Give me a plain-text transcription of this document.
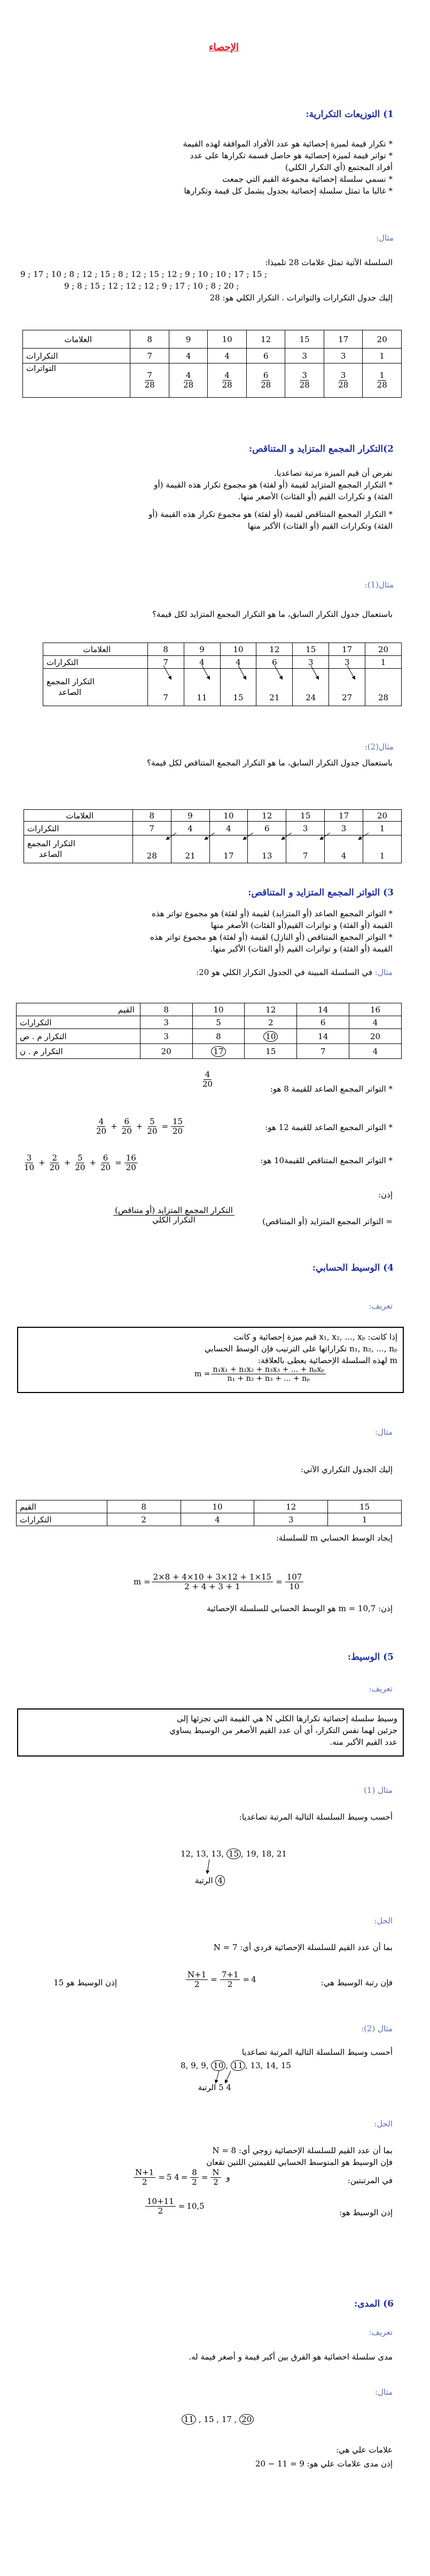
الإحصاء
1) التوزيعات التكرارية:
* تكرار قيمة لميزة إحصائية هو عدد الأفراد الموافقة لهذه القيمة
* تواتر قيمة لميزة إحصائية هو حاصل قسمة تكرارها على عدد
أفراد المجتمع (أي التكرار الكلي)
* نسمي سلسلة إحصائية مجموعة القيم التي جمعت
* غالبا ما تمثل سلسلة إحصائية بجدول يشمل كل قيمة وتكرارها
مثال:
السلسلة الآتية تمثل علامات 28 تلميذا:
9 ; 17 ; 10 ; 8 ; 12 ; 15 ; 8 ; 12 ; 15 ; 12 ; 9 ; 10 ; 10 ; 17 ; 15 ;
9 ; 8 ; 15 ; 12 ; 12 ; 12 ; 9 ; 17 ; 10 ; 8 ; 20 ;
إليك جدول التكرارات والتواترات . التكرار الكلي هو: 28
العلامات	8	9	10	12	15	17	20
التكرارات	7	4	4	6	3	3	1
التواترات	$\frac{7}{28}$	$\frac{4}{28}$	$\frac{4}{28}$	$\frac{6}{28}$	$\frac{3}{28}$	$\frac{3}{28}$	$\frac{1}{28}$
2)التكرار المجمع المتزايد و المتناقص:
نفرض أن قيم الميزة مرتبة تصاعديا.
* التكرار المجمع المتزايد لقيمة (أو لفئة) هو مجموع تكرار هذه القيمة (أو
الفئة) و تكرارات القيم (أو الفئات) الأصغر منها.
* التكرار المجمع المتناقص لقيمة (أو لفئة) هو مجموع تكرار هذه القيمة (أو
الفئة) وتكرارات القيم (أو الفئات) الأكبر منها
مثال(1):
باستعمال جدول التكرار السابق، ما هو التكرار المجمع المتزايد لكل قيمة؟
العلامات	8	9	10	12	15	17	20
التكرارات	7	4	4	6	3	3	1
التكرار المجمع
الصاعد	7	11	15	21	24	27	28
مثال(2):
باستعمال جدول التكرار السابق، ما هو التكرار المجمع المتناقص لكل قيمة؟
العلامات	8	9	10	12	15	17	20
التكرارات	7	4	4	6	3	3	1
التكرار المجمع
الصاعد	28	21	17	13	7	4	1
3) التواتر المجمع المتزايد و المتناقص:
* التواتر المجمع الصاعد (أو المتزايد) لقيمة (أو لفئة) هو مجموع تواتر هذه
القيمة (أو الفئة) و تواترات القيم(أو الفئات) الأصغر منها
* التواتر المجمع المتناقص (أو النازل) لقيمة (أو لفئة) هو مجموع تواتر هذه
القيمة (أو الفئة) و تواترات القيم (أو الفئات) الأكبر منها.
مثال: في السلسلة المبينة في الجدول التكرار الكلي هو 20:
القيم	8	10	12	14	16
التكرارات	3	5	2	6	4
التكرار م . ص	3	8	10	14	20
التكرار م . ن	20	17	15	7	4
* التواتر المجمع الصاعد للقيمة 8 هو:
$\frac{4}{20}$
* التواتر المجمع الصاعد للقيمة 12 هو:
$\frac{4}{20} + \frac{6}{20} + \frac{5}{20} = \frac{15}{20}$
* التواتر المجمع المتناقص للقيمة10 هو:
$\frac{3}{10} + \frac{2}{20} + \frac{5}{20} + \frac{6}{20} = \frac{16}{20}$
إذن:
= التواتر المجمع المتزايد (أو المتناقص)
$\frac{\text{التكرار المجمع المتزايد (أو متناقص)}}{\text{التكرار الكلي}}$
4) الوسيط الحسابي:
تعريف:
إذا كانت: x₁, x₂, ..., xₚ قيم ميزة إحصائية و كانت
n₁, n₂, ..., nₚ تكراراتها على الترتيب فإن الوسط الحسابي
m لهذه السلسلة الإحصائية يعطى بالعلاقة:
$m = \frac{\text{n₁x₁ + n₂x₂ + n₃x₃ + ... + nₚxₚ}}{\text{n₁ + n₂ + n₃ + ... + nₚ}}$
مثال:
إليك الجدول التكراري الآتي:
القيم	8	10	12	15
التكرارات	2	4	3	1
إيجاد الوسط الحسابي m للسلسلة:
$m = \frac{2\times 8 + 4\times 10 + 3\times 12 + 1\times 15}{2 + 4 + 3 + 1} = \frac{107}{10}$
إذن: m = 10,7 هو الوسط الحسابي للسلسلة الإحصائية
5) الوسيط:
تعريف:
وسيط سلسلة إحصائية تكرارها الكلي N هي القيمة التي تجزئها إلى
جزئين لهما نفس التكرار، أي أن عدد القيم الأصغر من الوسيط يساوي
عدد القيم الأكبر منه.
مثال (1)
أحسب وسيط السلسلة التالية المرتبة تصاعديا:
12, 13, 13, 15 , 19, 18, 21
4 الرتبة
الحل:
بما أن عدد القيم للسلسلة الإحصائية فردي أي: N = 7
فإن رتبة الوسيط هي:
$\frac{N+1}{2} = \frac{7+1}{2} = 4$
إذن الوسيط هو 15
مثال (2):
أحسب وسيط السلسلة التالية المرتبة تصاعديا
8, 9, 9, 10 , 11 , 13, 14, 15
4 5 الرتبة
الحل:
بما أن عدد القيم للسلسلة الإحصائية زوجي أي: N = 8
فإن الوسيط هو المتوسط الحسابي للقيمتين اللتين تقعان
في المرتبتين:
$\frac{N+1}{2} = 5$	و
$\frac{N}{2}$
=
$\frac{8}{2}$
=4
إذن الوسيط هو:
$\frac{10+11}{2} = 10,5$
6) المدى:
تعريف:
مدى سلسلة احصائية هو الفرق بين أكبر قيمة و أصغر قيمة له.
مثال:
11 , 15 , 17 , 20
علامات علي هي:
إذن مدى علامات علي هو: 9 = 11 − 20
